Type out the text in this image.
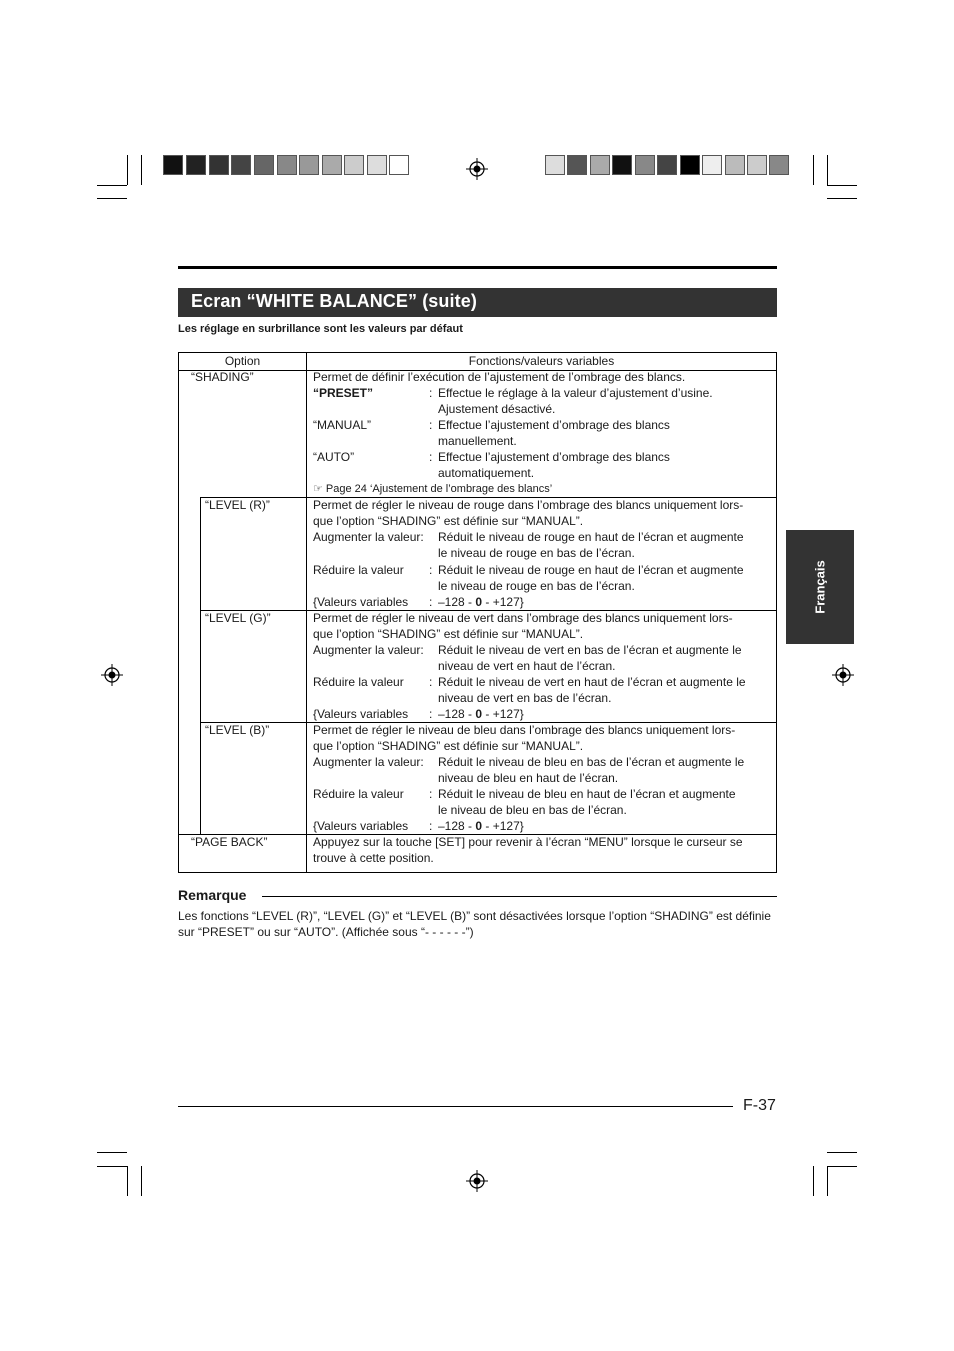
Ecran “WHITE BALANCE” (suite)
Les réglage en surbrillance sont les valeurs par défaut
Français
Option	Fonctions/valeurs variables
“SHADING”	Permet de définir l’exécution de l’ajustement de l’ombrage des blancs.
“PRESET”	: Effectue le réglage à la valeur d’ajustement d’usine.
Ajustement désactivé.
“MANUAL”	: Effectue l’ajustement d’ombrage des blancs
manuellement.
“AUTO”	: Effectue l’ajustement d’ombrage des blancs
automatiquement.
☞ Page 24 ‘Ajustement de l’ombrage des blancs’
“LEVEL (R)”	Permet de régler le niveau de rouge dans l’ombrage des blancs uniquement lors-
que l’option “SHADING” est définie sur “MANUAL”.
Augmenter la valeur: Réduit le niveau de rouge en haut de l’écran et augmente
le niveau de rouge en bas de l’écran.
Réduire la valeur : Réduit le niveau de rouge en haut de l’écran et augmente
le niveau de rouge en bas de l’écran.
{Valeurs variables : –128 - 0 - +127}
“LEVEL (G)”	Permet de régler le niveau de vert dans l’ombrage des blancs uniquement lors-
que l’option “SHADING” est définie sur “MANUAL”.
Augmenter la valeur: Réduit le niveau de vert en bas de l’écran et augmente le
niveau de vert en haut de l’écran.
Réduire la valeur : Réduit le niveau de vert en haut de l’écran et augmente le
niveau de vert en bas de l’écran.
{Valeurs variables : –128 - 0 - +127}
“LEVEL (B)”	Permet de régler le niveau de bleu dans l’ombrage des blancs uniquement lors-
que l’option “SHADING” est définie sur “MANUAL”.
Augmenter la valeur: Réduit le niveau de bleu en bas de l’écran et augmente le
niveau de bleu en haut de l’écran.
Réduire la valeur : Réduit le niveau de bleu en haut de l’écran et augmente
le niveau de bleu en bas de l’écran.
{Valeurs variables : –128 - 0 - +127}
“PAGE BACK”	Appuyez sur la touche [SET] pour revenir à l’écran “MENU” lorsque le curseur se
trouve à cette position.
Remarque
Les fonctions “LEVEL (R)”, “LEVEL (G)” et “LEVEL (B)” sont désactivées lorsque l’option “SHADING” est définie sur “PRESET” ou sur “AUTO”. (Affichée sous “- - - - - -”)
F-37
